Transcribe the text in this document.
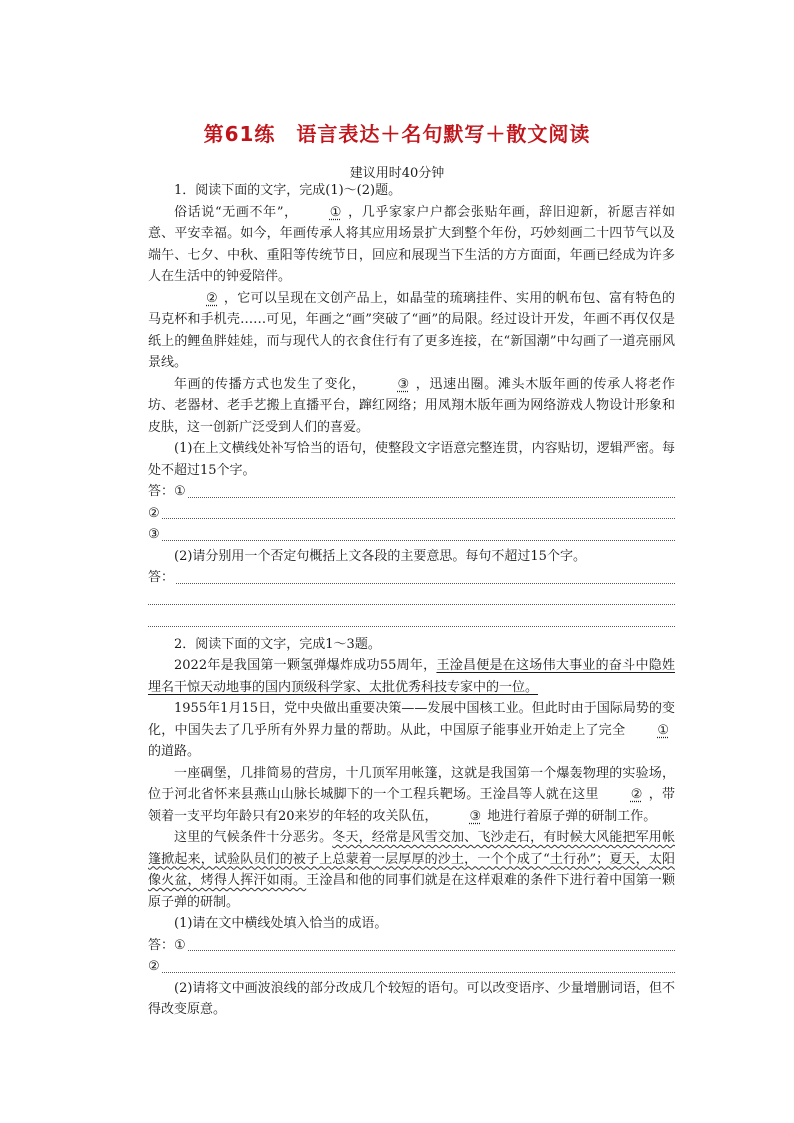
第61练　语言表达＋名句默写＋散文阅读
建议用时40分钟

1．阅读下面的文字，完成(1)～(2)题。

俗话说“无画不年”， ① ，几乎家家户户都会张贴年画，辞旧迎新，祈愿吉祥如意、平安幸福。如今，年画传承人将其应用场景扩大到整个年份，巧妙刻画二十四节气以及端午、七夕、中秋、重阳等传统节日，回应和展现当下生活的方方面面，年画已经成为许多人在生活中的钟爱陪伴。

② ，它可以呈现在文创产品上，如晶莹的琉璃挂件、实用的帆布包、富有特色的马克杯和手机壳……可见，年画之“画”突破了“画”的局限。经过设计开发，年画不再仅仅是纸上的鲤鱼胖娃娃，而与现代人的衣食住行有了更多连接，在“新国潮”中勾画了一道亮丽风景线。

年画的传播方式也发生了变化， ③ ，迅速出圈。滩头木版年画的传承人将老作坊、老器材、老手艺搬上直播平台，蹿红网络；用凤翔木版年画为网络游戏人物设计形象和皮肤，这一创新广泛受到人们的喜爱。

(1)在上文横线处补写恰当的语句，使整段文字语意完整连贯，内容贴切，逻辑严密。每处不超过15个字。

答： ①
②
③

(2)请分别用一个否定句概括上文各段的主要意思。每句不超过15个字。

答：

2．阅读下面的文字，完成1～3题。

2022年是我国第一颗氢弹爆炸成功55周年，王淦昌便是在这场伟大事业的奋斗中隐姓埋名干惊天动地事的国内顶级科学家、太批优秀科技专家中的一位。

1955年1月15日，党中央做出重要决策——发展中国核工业。但此时由于国际局势的变化，中国失去了几乎所有外界力量的帮助。从此，中国原子能事业开始走上了完全 ①的道路。

一座碉堡，几排简易的营房，十几顶军用帐篷，这就是我国第一个爆轰物理的实验场，位于河北省怀来县燕山山脉长城脚下的一个工程兵靶场。王淦昌等人就在这里 ② ，带领着一支平均年龄只有20来岁的年轻的攻关队伍， ③ 地进行着原子弹的研制工作。

这里的气候条件十分恶劣。冬天，经常是风雪交加、飞沙走石，有时候大风能把军用帐篷掀起来，试验队员们的被子上总蒙着一层厚厚的沙土，一个个成了“土行孙”；夏天，太阳像火盆，烤得人挥汗如雨。王淦昌和他的同事们就是在这样艰难的条件下进行着中国第一颗原子弹的研制。

(1)请在文中横线处填入恰当的成语。

答： ①
②

(2)请将文中画波浪线的部分改成几个较短的语句。可以改变语序、少量增删词语，但不得改变原意。
